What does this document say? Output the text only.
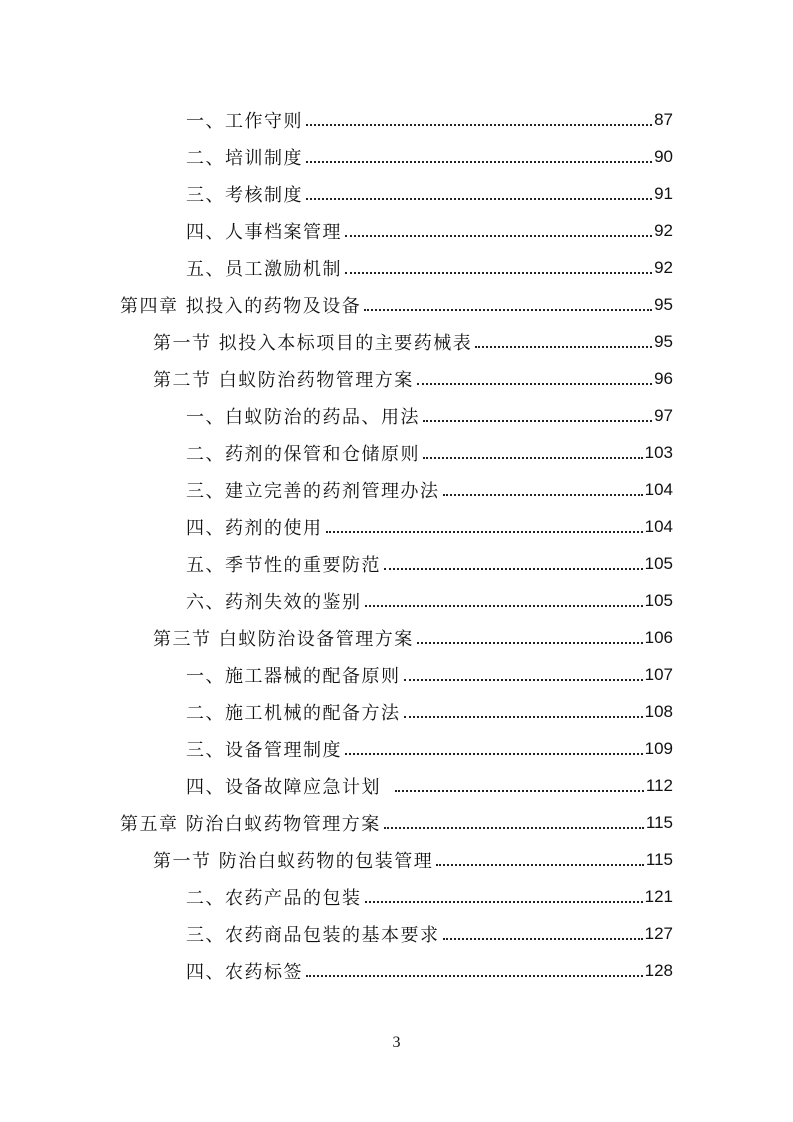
一、工作守则	87
二、培训制度	90
三、考核制度	91
四、人事档案管理	92
五、员工激励机制	92
第四章 拟投入的药物及设备	95
第一节 拟投入本标项目的主要药械表	95
第二节 白蚁防治药物管理方案	96
一、白蚁防治的药品、用法	97
二、药剂的保管和仓储原则	103
三、建立完善的药剂管理办法	104
四、药剂的使用	104
五、季节性的重要防范	105
六、药剂失效的鉴别	105
第三节 白蚁防治设备管理方案	106
一、施工器械的配备原则	107
二、施工机械的配备方法	108
三、设备管理制度	109
四、设备故障应急计划	112
第五章 防治白蚁药物管理方案	115
第一节 防治白蚁药物的包装管理	115
二、农药产品的包装	121
三、农药商品包装的基本要求	127
四、农药标签	128
3
